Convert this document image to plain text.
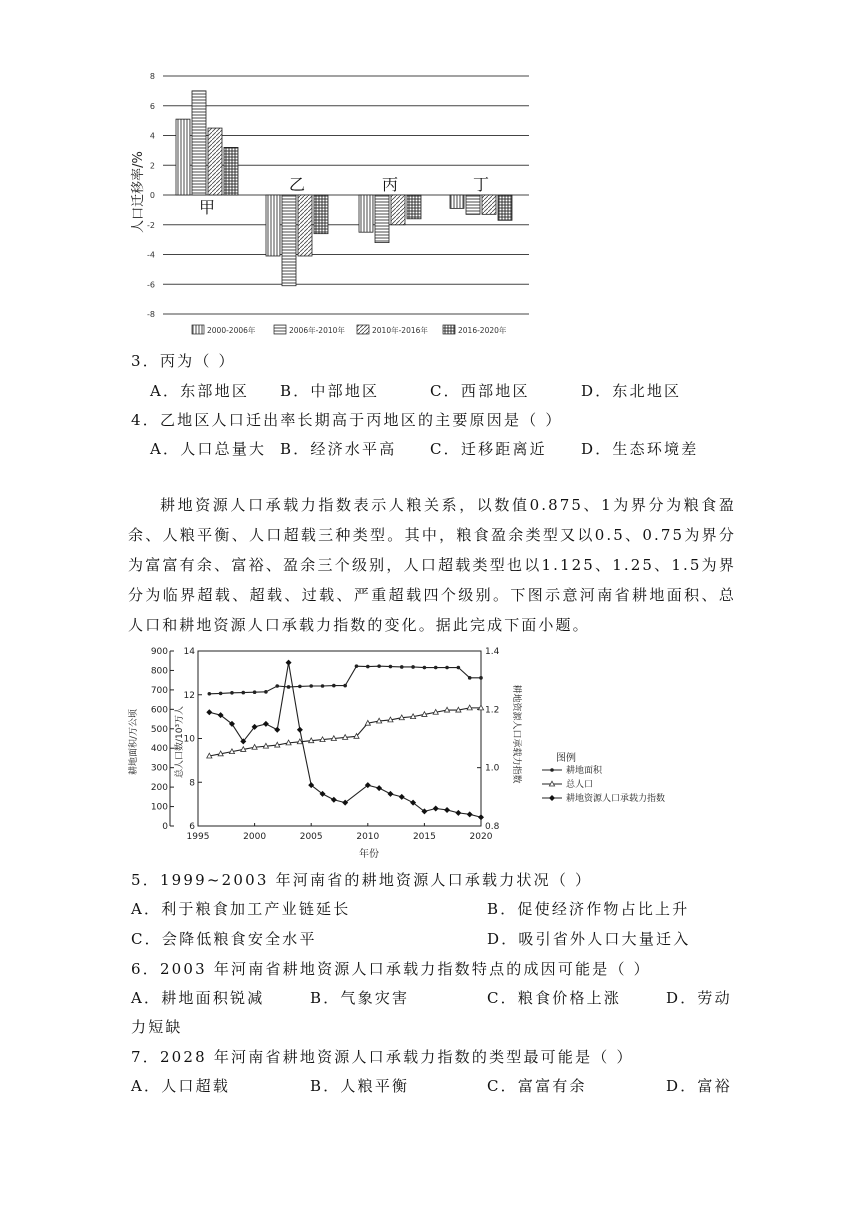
8
6
4
2
0
-2
-4
-6
-8
甲
乙	丙	丁
人口迁移率/%
2000-2006年	2006年-2010年	2010年-2016年	2016-2020年
3．丙为（ ）
A．东部地区 B．中部地区	C．西部地区	D．东北地区
4．乙地区人口迁出率长期高于丙地区的主要原因是（ ）
A．人口总量大 B．经济水平高 C．迁移距离近 D．生态环境差
耕地资源人口承载力指数表示人粮关系，以数值0.875、1为界分为粮食盈余、人粮平衡、人口超载三种类型。其中，粮食盈余类型又以0.5、0.75为界分为富富有余、富裕、盈余三个级别，人口超载类型也以1.125、1.25、1.5为界分为临界超载、超载、过载、严重超载四个级别。下图示意河南省耕地面积、总人口和耕地资源人口承载力指数的变化。据此完成下面小题。
900
800
700
600
500
400
300
200
100
0
14
12
10
8
6
1.4
1.2
1.0
0.8
1995	2000	2005	2010	2015	2020
耕地面积/万公顷	总人口数/10³万人	耕地资源人口承载力指数
年份
图例
耕地面积
总人口
耕地资源人口承载力指数
5．1999~2003 年河南省的耕地资源人口承载力状况（ ）
A．利于粮食加工产业链延长	B．促使经济作物占比上升
C．会降低粮食安全水平	D．吸引省外人口大量迁入
6．2003 年河南省耕地资源人口承载力指数特点的成因可能是（ ）
A．耕地面积锐减	B．气象灾害	C．粮食价格上涨	D．劳动
力短缺
7．2028 年河南省耕地资源人口承载力指数的类型最可能是（ ）
A．人口超载	B．人粮平衡	C．富富有余	D．富裕
